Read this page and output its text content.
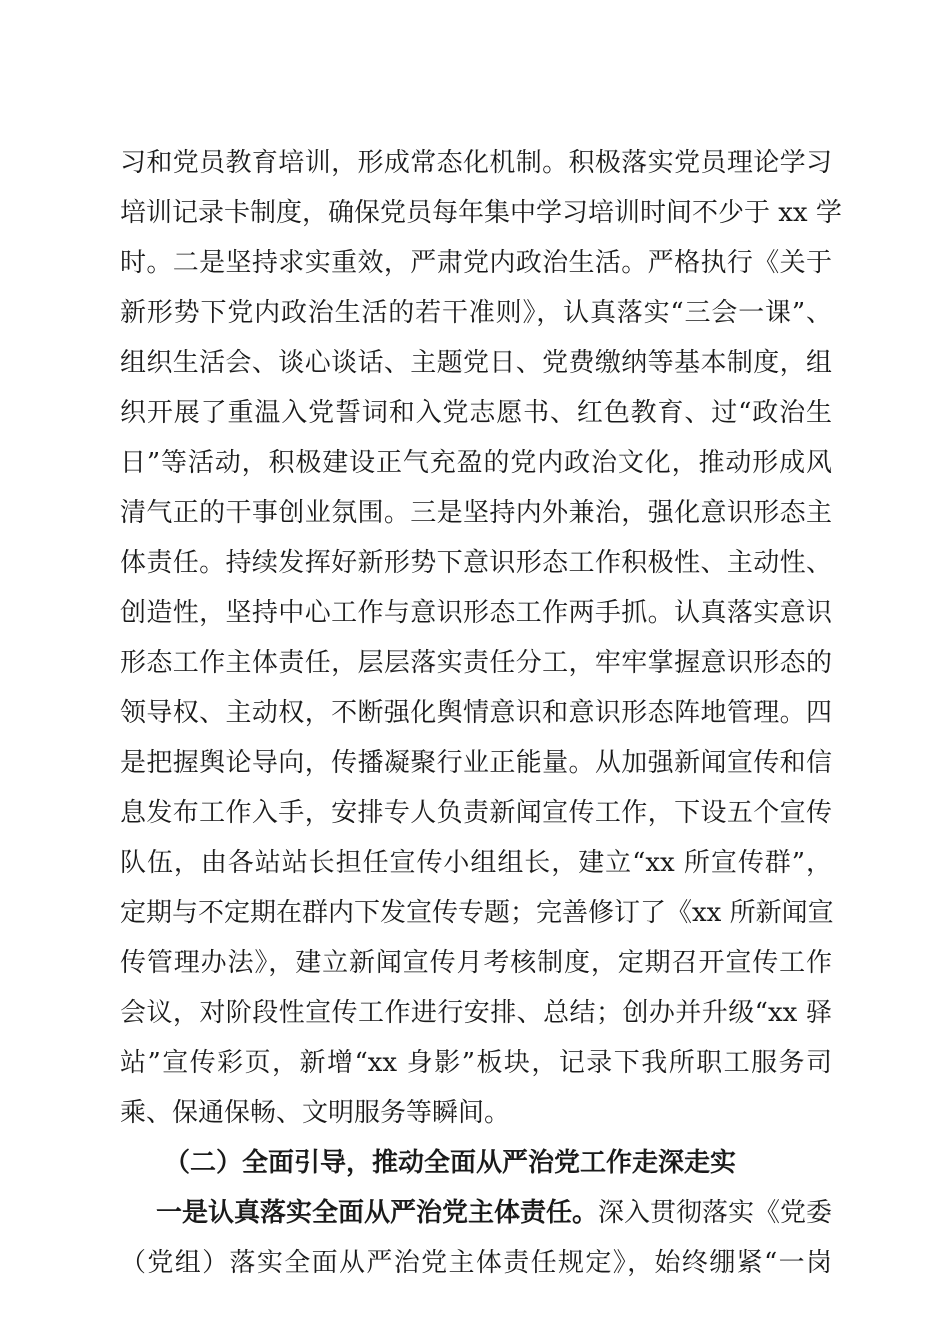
习和党员教育培训，形成常态化机制。积极落实党员理论学习
培训记录卡制度，确保党员每年集中学习培训时间不少于 xx 学
时。二是坚持求实重效，严肃党内政治生活。严格执行《关于
新形势下党内政治生活的若干准则》，认真落实“三会一课”、
组织生活会、谈心谈话、主题党日、党费缴纳等基本制度，组
织开展了重温入党誓词和入党志愿书、红色教育、过“政治生
日”等活动，积极建设正气充盈的党内政治文化，推动形成风
清气正的干事创业氛围。三是坚持内外兼治，强化意识形态主
体责任。持续发挥好新形势下意识形态工作积极性、主动性、
创造性，坚持中心工作与意识形态工作两手抓。认真落实意识
形态工作主体责任，层层落实责任分工，牢牢掌握意识形态的
领导权、主动权，不断强化舆情意识和意识形态阵地管理。四
是把握舆论导向，传播凝聚行业正能量。从加强新闻宣传和信
息发布工作入手，安排专人负责新闻宣传工作，下设五个宣传
队伍，由各站站长担任宣传小组组长，建立“xx 所宣传群”，
定期与不定期在群内下发宣传专题；完善修订了《xx 所新闻宣
传管理办法》，建立新闻宣传月考核制度，定期召开宣传工作
会议，对阶段性宣传工作进行安排、总结；创办并升级“xx 驿
站”宣传彩页，新增“xx 身影”板块，记录下我所职工服务司
乘、保通保畅、文明服务等瞬间。
（二）全面引导，推动全面从严治党工作走深走实
一是认真落实全面从严治党主体责任。深入贯彻落实《党委
（党组）落实全面从严治党主体责任规定》，始终绷紧“一岗
